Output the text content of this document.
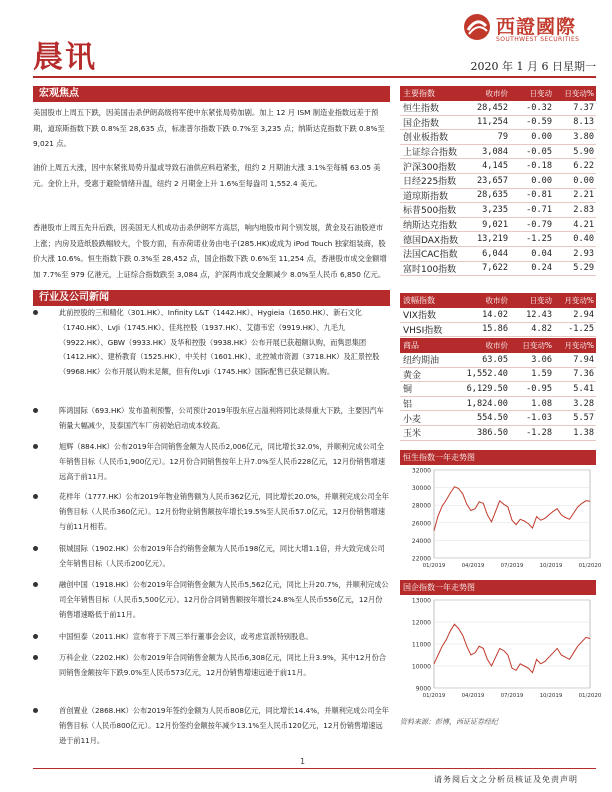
晨讯
西證國際
SOUTHWEST SECURITIES
2020 年 1 月 6 日星期一
宏观焦点
美国股市上周五下跌，因美国击杀伊朗高级将军使中东紧张局势加剧。加上 12 月 ISM 制造业指数远差于预期，道琼斯指数下跌 0.8%至 28,635 点，标准普尔指数下跌 0.7%至 3,235 点；纳斯达克指数下跌 0.8%至 9,021 点。
油价上周五大涨，因中东紧张局势升温或导致石油供应料趋紧张，纽约 2 月期油大涨 3.1%至每桶 63.05 美元。金价上升，受惠于避险情绪升温，纽约 2 月期金上升 1.6%至每盎司 1,552.4 美元。
香港股市上周五先升后跌，因美国无人机成功击杀伊朗军方高层，响内地股市间个别发展，黄金及石油股逆市上涨；内房及造纸股跌幅较大，个股方面，有赤荷诺业务由电子(285.HK)或成为 iPod Touch 独家组装商，股价大涨 10.6%。恒生指数下跌 0.3%至 28,452 点，国企指数下跌 0.6%至 11,254 点，香港股市成交金额增加 7.7%至 979 亿港元，上证综合指数跌至 3,084 点，沪深两市成交金额减少 8.0%至人民币 6,850 亿元。
行业及公司新闻
此前控股的三和精化（301.HK）、Infinity L&T（1442.HK）、Hygieia（1650.HK）、新石文化（1740.HK）、LvJi（1745.HK）、佳兆控股（1937.HK）、艾德韦宏（9919.HK）、九毛九（9922.HK）、GBW（9933.HK）及华和控股（9938.HK）公布开展已获超额认购，而隽思集团（1412.HK）、建桥教育（1525.HK）、中关村（1601.HK）、北控城市资源（3718.HK）及汇景控股（9968.HK）公布开展认购未足额，但有传LvJi（1745.HK）国际配售已获足额认购。
阵鸿国际（693.HK）发布盈利预警，公司预计2019年股东应占溢利将同比录得重大下跌，主要因汽车销量大幅减少，及泰国汽车厂房初始启动成本较高。
旭辉（884.HK）公布2019年合同销售金额为人民币2,006亿元，同比增长32.0%，并顺利完成公司全年销售目标（人民币1,900亿元）。12月份合同销售按年上升7.0%至人民币228亿元，12月份销售增速远高于前11月。
花样年（1777.HK）公布2019年物业销售额为人民币362亿元，同比增长20.0%，并顺利完成公司全年销售目标（人民币360亿元）。12月份物业销售额按年增长19.5%至人民币57.0亿元，12月份销售增速与前11月相若。
银城国际（1902.HK）公布2019年合约销售金额为人民币198亿元，同比大增1.1倍，并大致完成公司全年销售目标（人民币200亿元）。
融创中国（1918.HK）公布2019年合同销售金额为人民币5,562亿元，同比上升20.7%，并顺利完成公司全年销售目标（人民币5,500亿元）。12月份合同销售额按年增长24.8%至人民币556亿元，12月份销售增速略低于前11月。
中国恒泰（2011.HK）宣布将于下周三举行董事会会议，或考虑宣派特别股息。
万科企业（2202.HK）公布2019年合同销售金额为人民币6,308亿元，同比上升3.9%，其中12月份合同销售金额按年下跌9.0%至人民币573亿元，12月份销售增速远逊于前11月。
首创置业（2868.HK）公布2019年签约金额为人民币808亿元，同比增长14.4%，并顺利完成公司全年销售目标（人民币800亿元）。12月份签约金额按年减少13.1%至人民币120亿元，12月份销售增速远逊于前11月。
主要指数	收市价	日变动	日变动%
恒生指数	28,452	-0.32	7.37
国企指数	11,254	-0.59	8.13
创业板指数	79	0.00	3.80
上证综合指数	3,084	-0.05	5.90
沪深300指数	4,145	-0.18	6.22
日经225指数	23,657	0.00	0.00
道琼斯指数	28,635	-0.81	2.21
标普500指数	3,235	-0.71	2.83
纳斯达克指数	9,021	-0.79	4.21
德国DAX指数	13,219	-1.25	0.40
法国CAC指数	6,044	0.04	2.93
富时100指数	7,622	0.24	5.29
波幅指数	收市价	日变动	月变动%
VIX指数	14.02	12.43	2.94
VHSI指数	15.86	4.82	-1.25
商品	收市价	日变动%	月变动%
纽约期油	63.05	3.06	7.94
黄金	1,552.40	1.59	7.36
铜	6,129.50	-0.95	5.41
铝	1,824.00	1.08	3.28
小麦	554.50	-1.03	5.57
玉米	386.50	-1.28	1.38
恒生指数一年走势图
22000
24000
26000
28000
30000
32000
01/2019	04/2019	07/2019	10/2019	01/2020
国企指数一年走势图
9000
10000
11000
12000
13000
01/2019	04/2019	07/2019	10/2019	01/2020
资料来源：彭博，西证证券经纪
1
请务阅后文之分析员核证及免责声明
